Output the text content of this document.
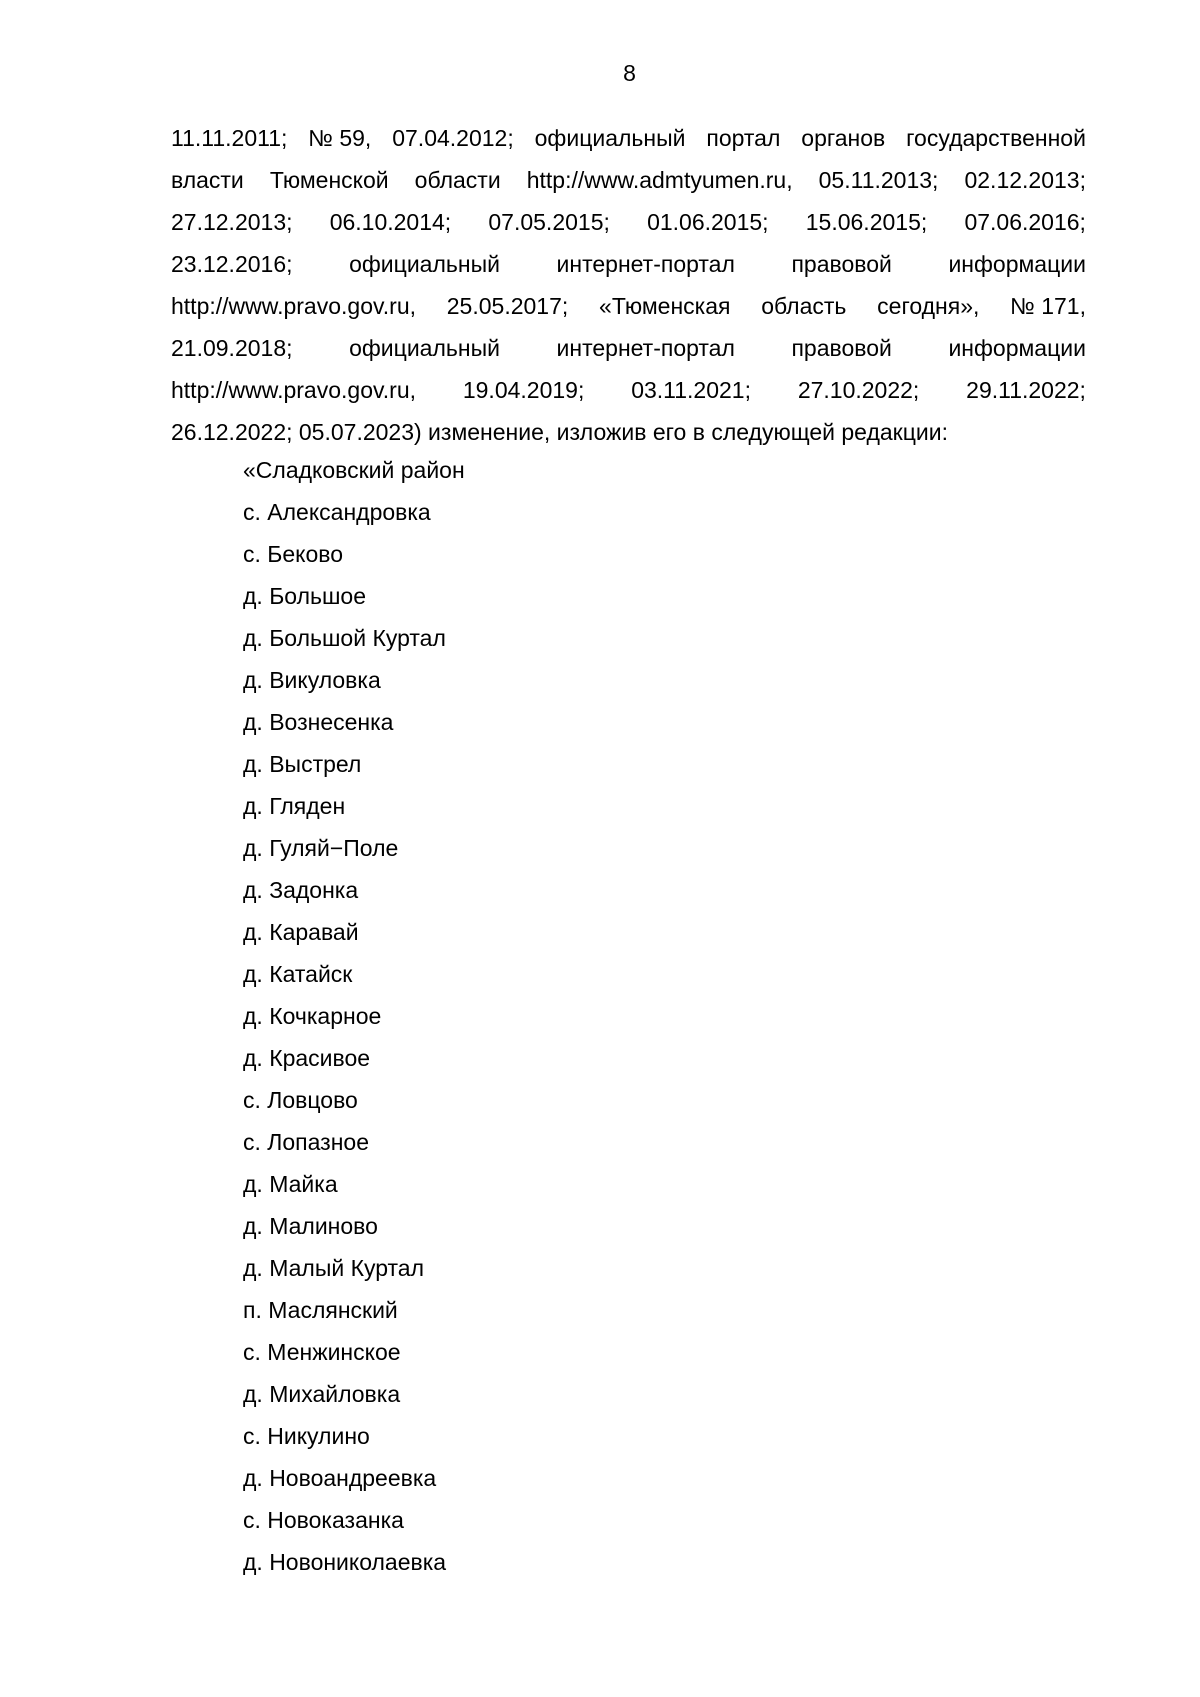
8
11.11.2011; № 59, 07.04.2012; официальный портал органов государственной
власти Тюменской области http://www.admtyumen.ru, 05.11.2013; 02.12.2013;
27.12.2013; 06.10.2014; 07.05.2015; 01.06.2015; 15.06.2015; 07.06.2016;
23.12.2016; официальный интернет-портал правовой информации
http://www.pravo.gov.ru, 25.05.2017; «Тюменская область сегодня», № 171,
21.09.2018; официальный интернет-портал правовой информации
http://www.pravo.gov.ru, 19.04.2019; 03.11.2021; 27.10.2022; 29.11.2022;
26.12.2022; 05.07.2023) изменение, изложив его в следующей редакции:
«Сладковский район
с. Александровка
с. Беково
д. Большое
д. Большой Куртал
д. Викуловка
д. Вознесенка
д. Выстрел
д. Гляден
д. Гуляй−Поле
д. Задонка
д. Каравай
д. Катайск
д. Кочкарное
д. Красивое
с. Ловцово
с. Лопазное
д. Майка
д. Малиново
д. Малый Куртал
п. Маслянский
с. Менжинское
д. Михайловка
с. Никулино
д. Новоандреевка
с. Новоказанка
д. Новониколаевка
